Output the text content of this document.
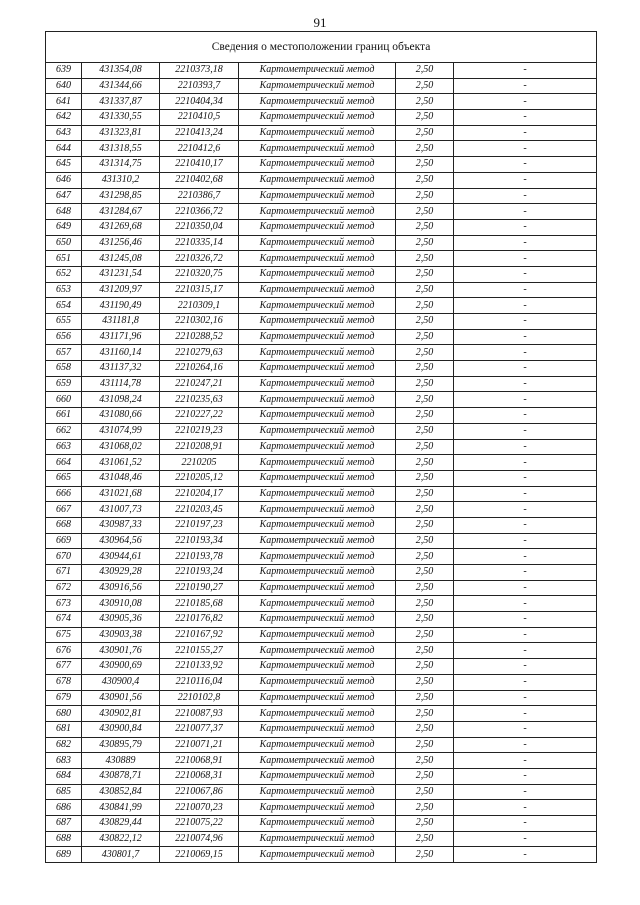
91
Сведения о местоположении границ объекта					
639	431354,08	2210373,18	Картометрический метод	2,50	-
640	431344,66	2210393,7	Картометрический метод	2,50	-
641	431337,87	2210404,34	Картометрический метод	2,50	-
642	431330,55	2210410,5	Картометрический метод	2,50	-
643	431323,81	2210413,24	Картометрический метод	2,50	-
644	431318,55	2210412,6	Картометрический метод	2,50	-
645	431314,75	2210410,17	Картометрический метод	2,50	-
646	431310,2	2210402,68	Картометрический метод	2,50	-
647	431298,85	2210386,7	Картометрический метод	2,50	-
648	431284,67	2210366,72	Картометрический метод	2,50	-
649	431269,68	2210350,04	Картометрический метод	2,50	-
650	431256,46	2210335,14	Картометрический метод	2,50	-
651	431245,08	2210326,72	Картометрический метод	2,50	-
652	431231,54	2210320,75	Картометрический метод	2,50	-
653	431209,97	2210315,17	Картометрический метод	2,50	-
654	431190,49	2210309,1	Картометрический метод	2,50	-
655	431181,8	2210302,16	Картометрический метод	2,50	-
656	431171,96	2210288,52	Картометрический метод	2,50	-
657	431160,14	2210279,63	Картометрический метод	2,50	-
658	431137,32	2210264,16	Картометрический метод	2,50	-
659	431114,78	2210247,21	Картометрический метод	2,50	-
660	431098,24	2210235,63	Картометрический метод	2,50	-
661	431080,66	2210227,22	Картометрический метод	2,50	-
662	431074,99	2210219,23	Картометрический метод	2,50	-
663	431068,02	2210208,91	Картометрический метод	2,50	-
664	431061,52	2210205	Картометрический метод	2,50	-
665	431048,46	2210205,12	Картометрический метод	2,50	-
666	431021,68	2210204,17	Картометрический метод	2,50	-
667	431007,73	2210203,45	Картометрический метод	2,50	-
668	430987,33	2210197,23	Картометрический метод	2,50	-
669	430964,56	2210193,34	Картометрический метод	2,50	-
670	430944,61	2210193,78	Картометрический метод	2,50	-
671	430929,28	2210193,24	Картометрический метод	2,50	-
672	430916,56	2210190,27	Картометрический метод	2,50	-
673	430910,08	2210185,68	Картометрический метод	2,50	-
674	430905,36	2210176,82	Картометрический метод	2,50	-
675	430903,38	2210167,92	Картометрический метод	2,50	-
676	430901,76	2210155,27	Картометрический метод	2,50	-
677	430900,69	2210133,92	Картометрический метод	2,50	-
678	430900,4	2210116,04	Картометрический метод	2,50	-
679	430901,56	2210102,8	Картометрический метод	2,50	-
680	430902,81	2210087,93	Картометрический метод	2,50	-
681	430900,84	2210077,37	Картометрический метод	2,50	-
682	430895,79	2210071,21	Картометрический метод	2,50	-
683	430889	2210068,91	Картометрический метод	2,50	-
684	430878,71	2210068,31	Картометрический метод	2,50	-
685	430852,84	2210067,86	Картометрический метод	2,50	-
686	430841,99	2210070,23	Картометрический метод	2,50	-
687	430829,44	2210075,22	Картометрический метод	2,50	-
688	430822,12	2210074,96	Картометрический метод	2,50	-
689	430801,7	2210069,15	Картометрический метод	2,50	-
